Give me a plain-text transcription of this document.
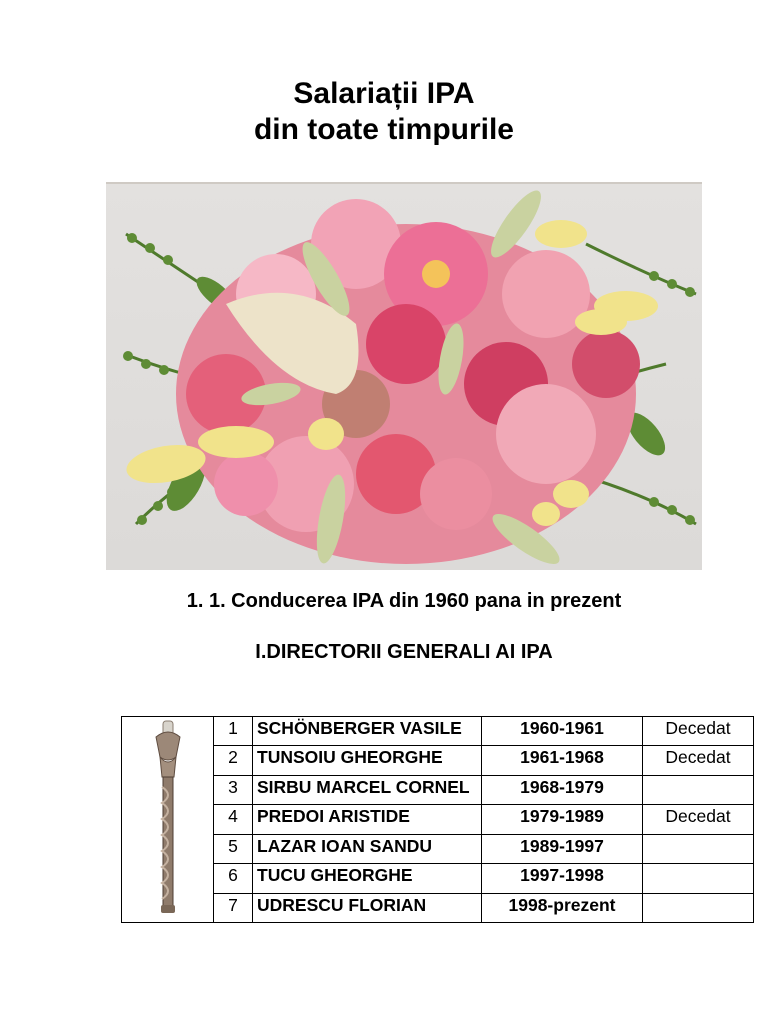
Salariații IPA
din toate timpurile
1. 1. Conducerea IPA din 1960 pana in prezent
I.DIRECTORII GENERALI AI IPA
	1	SCHÖNBERGER VASILE	1960-1961	Decedat
	2	TUNSOIU GHEORGHE	1961-1968	Decedat
	3	SIRBU MARCEL CORNEL	1968-1979	
	4	PREDOI ARISTIDE	1979-1989	Decedat
	5	LAZAR IOAN SANDU	1989-1997	
	6	TUCU GHEORGHE	1997-1998	
	7	UDRESCU FLORIAN	1998-prezent	
